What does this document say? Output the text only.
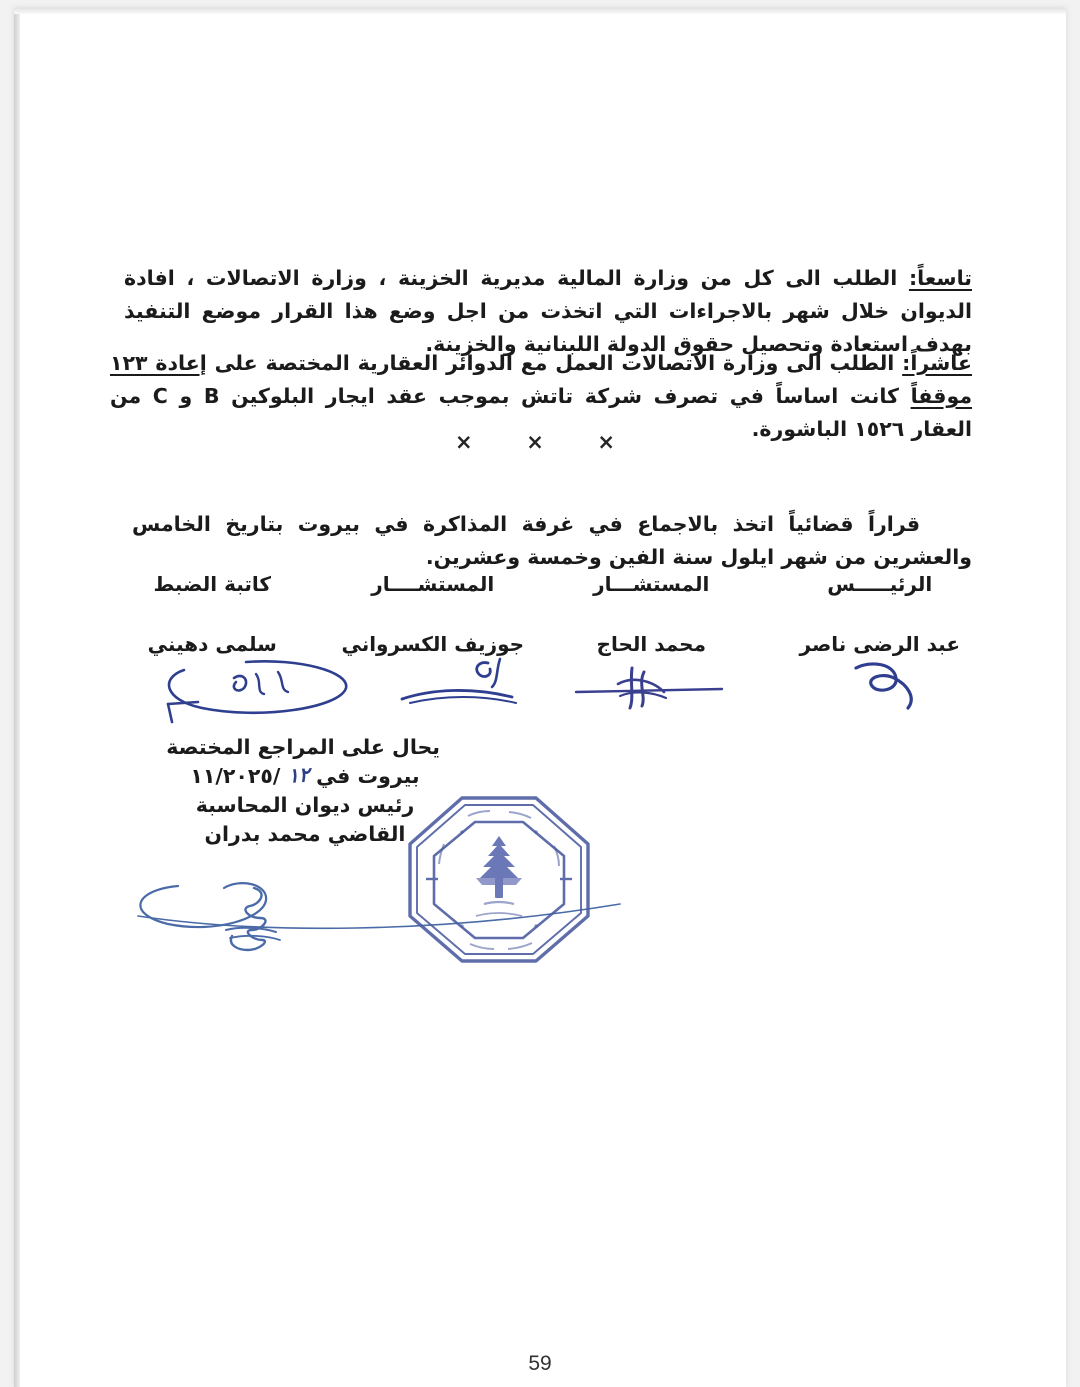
تاسعاً: الطلب الى كل من وزارة المالية مديرية الخزينة ، وزارة الاتصالات ، افادة الديوان خلال شهر بالاجراءات التي اتخذت من اجل وضع هذا القرار موضع التنفيذ بهدف استعادة وتحصيل حقوق الدولة اللبنانية والخزينة.

عاشراً: الطلب الى وزارة الاتصالات العمل مع الدوائر العقارية المختصة على إعادة ١٢٣ موقفاً كانت اساساً في تصرف شركة تاتش بموجب عقد ايجار البلوكين B و C من العقار ١٥٢٦ الباشورة.

×	×	×

قراراً قضائياً اتخذ بالاجماع في غرفة المذاكرة في بيروت بتاريخ الخامس والعشرين من شهر ايلول سنة الفين وخمسة وعشرين.

كاتبة الضبط	المستشــــار	المستشـــار	الرئيـــــس
سلمى دهيني	جوزيف الكسرواني	محمد الحاج	عبد الرضى ناصر
يحال على المراجع المختصة
بيروت في ١٢ /١١/٢٠٢٥
رئيس ديوان المحاسبة
القاضي محمد بدران
59
